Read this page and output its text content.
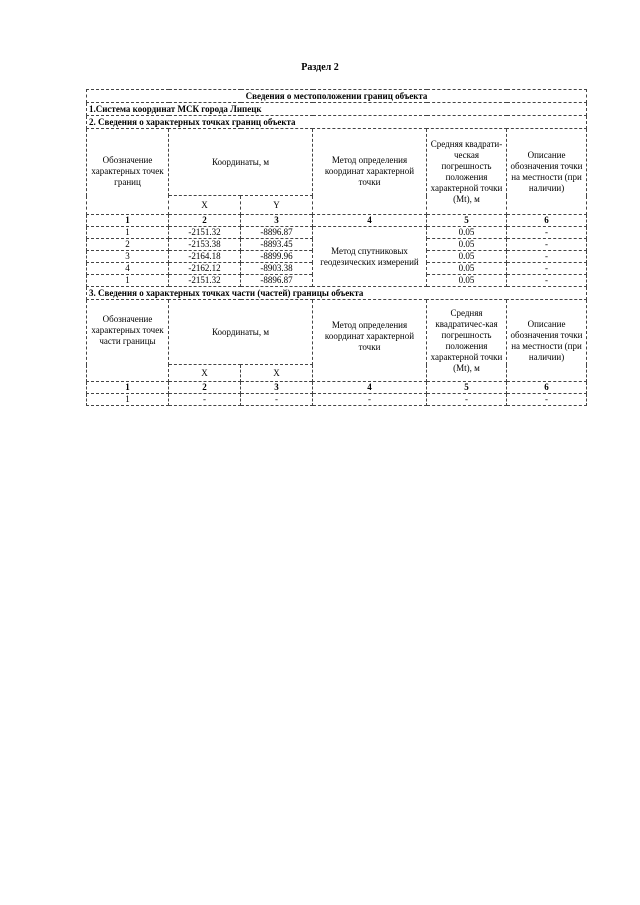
Раздел 2
Сведения о местоположении границ объекта					
1.Система координат МСК города Липецк					
2. Сведения о характерных точках границ объекта					
Обозначение характерных точек границ	Координаты, м		Метод определения координат характерной точки	Средняя квадрати-ческая погрешность положения характерной точки (Mt), м	Описание обозначения точки на местности (при наличии)
	X	Y			
1	2	3	4	5	6
1	-2151.32	-8896.87	Метод спутниковых геодезических измерений	0.05	-
2	-2153.38	-8893.45		0.05	-
3	-2164.18	-8899.96		0.05	-
4	-2162.12	-8903.38		0.05	-
1	-2151.32	-8896.87		0.05	-
3. Сведения о характерных точках части (частей) границы объекта					
Обозначение характерных точек части границы	Координаты, м		Метод определения координат характерной точки	Средняя квадратичес-кая погрешность положения характерной точки (Mt), м	Описание обозначения точки на местности (при наличии)
	X	X			
1	2	3	4	5	6
1	-	-	-	-	-
